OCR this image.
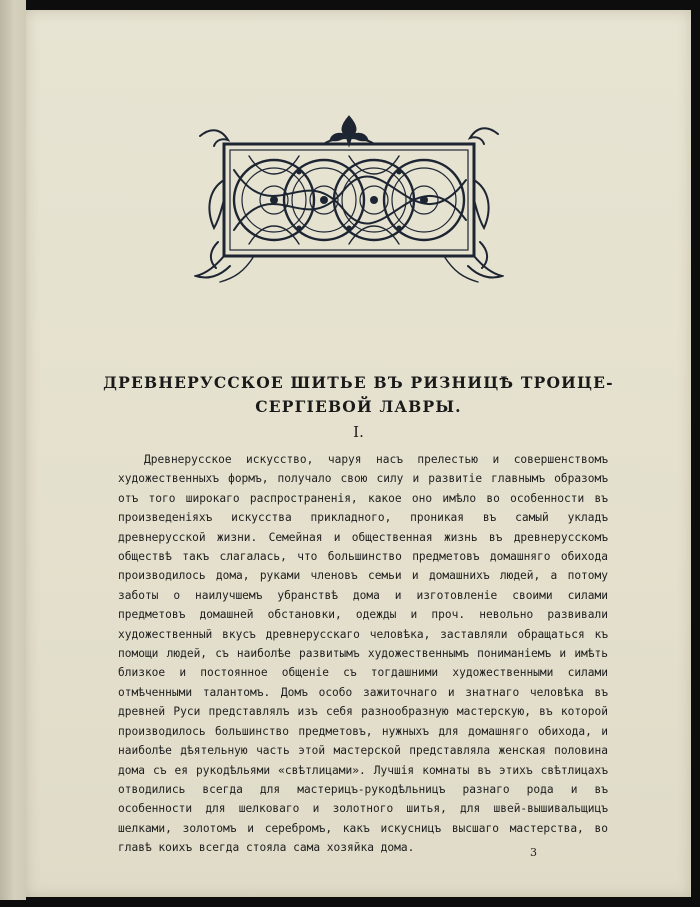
ДРЕВНЕРУССКОЕ ШИТЬЕ ВЪ РИЗНИЦѢ ТРОИЦЕ-
СЕРГІЕВОЙ ЛАВРЫ.
I.

Древнерусское искусство, чаруя насъ прелестью и совершенствомъ художественныхъ формъ, получало свою силу и развитіе главнымъ образомъ отъ того широкаго распространенія, какое оно имѣло во особенности въ произведеніяхъ искусства прикладного, проникая въ самый укладъ древнерусской жизни. Семейная и общественная жизнь въ древнерусскомъ обществѣ такъ слагалась, что большинство предметовъ домашняго обихода производилось дома, руками членовъ семьи и домашнихъ людей, а потому заботы о наилучшемъ убранствѣ дома и изготовленіе своими силами предметовъ домашней обстановки, одежды и проч. невольно развивали художественный вкусъ древнерусскаго человѣка, заставляли обращаться къ помощи людей, съ наиболѣе развитымъ художественнымъ пониманіемъ и имѣть близкое и постоянное общеніе съ тогдашними художественными силами отмѣченными талантомъ. Домъ особо зажиточнаго и знатнаго человѣка въ древней Руси представлялъ изъ себя разнообразную мастерскую, въ которой производилось большинство предметовъ, нужныхъ для домашняго обихода, и наиболѣе дѣятельную часть этой мастерской представляла женская половина дома съ ея рукодѣльями «свѣтлицами». Лучшія комнаты въ этихъ свѣтлицахъ отводились всегда для мастерицъ-рукодѣльницъ разнаго рода и въ особенности для шелковаго и золотного шитья, для швей-вышивальщицъ шелками, золотомъ и серебромъ, какъ искусницъ высшаго мастерства, во главѣ коихъ всегда стояла сама хозяйка дома.	3
